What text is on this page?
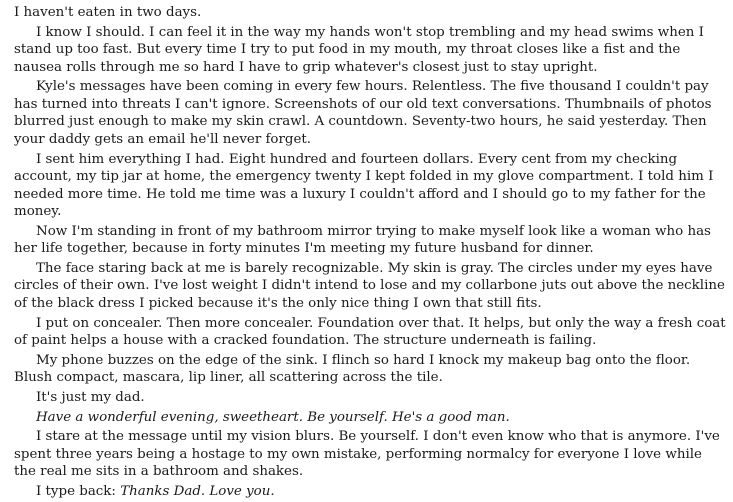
I haven't eaten in two days.

I know I should. I can feel it in the way my hands won't stop trembling and my head swims when I stand up too fast. But every time I try to put food in my mouth, my throat closes like a fist and the nausea rolls through me so hard I have to grip whatever's closest just to stay upright.

Kyle's messages have been coming in every few hours. Relentless. The five thousand I couldn't pay has turned into threats I can't ignore. Screenshots of our old text conversations. Thumbnails of photos blurred just enough to make my skin crawl. A countdown. Seventy-two hours, he said yesterday. Then your daddy gets an email he'll never forget.

I sent him everything I had. Eight hundred and fourteen dollars. Every cent from my checking account, my tip jar at home, the emergency twenty I kept folded in my glove compartment. I told him I needed more time. He told me time was a luxury I couldn't afford and I should go to my father for the money.

Now I'm standing in front of my bathroom mirror trying to make myself look like a woman who has her life together, because in forty minutes I'm meeting my future husband for dinner.

The face staring back at me is barely recognizable. My skin is gray. The circles under my eyes have circles of their own. I've lost weight I didn't intend to lose and my collarbone juts out above the neckline of the black dress I picked because it's the only nice thing I own that still fits.

I put on concealer. Then more concealer. Foundation over that. It helps, but only the way a fresh coat of paint helps a house with a cracked foundation. The structure underneath is failing.

My phone buzzes on the edge of the sink. I flinch so hard I knock my makeup bag onto the floor. Blush compact, mascara, lip liner, all scattering across the tile.

It's just my dad.

Have a wonderful evening, sweetheart. Be yourself. He's a good man.

I stare at the message until my vision blurs. Be yourself. I don't even know who that is anymore. I've spent three years being a hostage to my own mistake, performing normalcy for everyone I love while the real me sits in a bathroom and shakes.

I type back: Thanks Dad. Love you.
